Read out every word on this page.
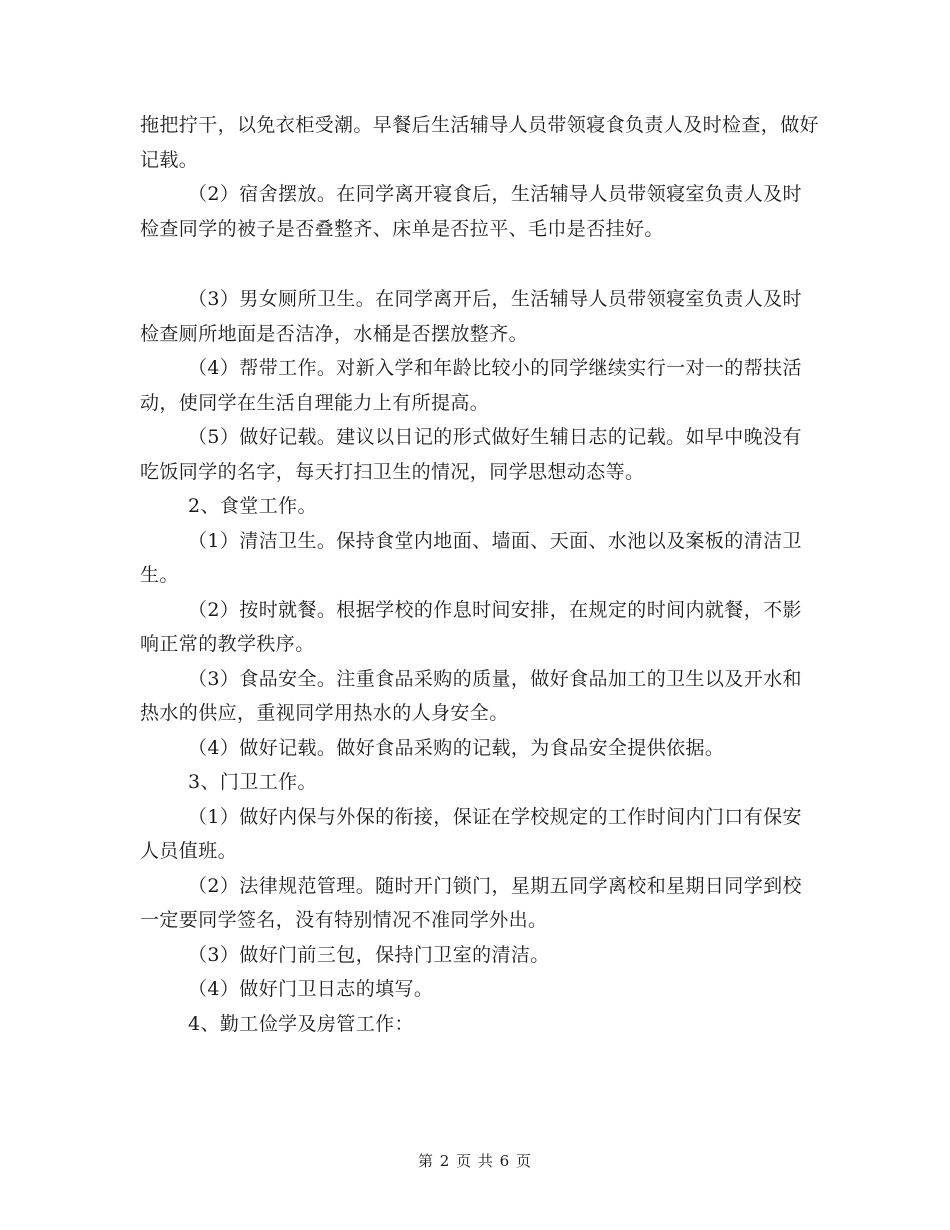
拖把拧干，以免衣柜受潮。早餐后生活辅导人员带领寝食负责人及时检查，做好记载。

（2）宿舍摆放。在同学离开寝食后，生活辅导人员带领寝室负责人及时检查同学的被子是否叠整齐、床单是否拉平、毛巾是否挂好。

（3）男女厕所卫生。在同学离开后，生活辅导人员带领寝室负责人及时检查厕所地面是否洁净，水桶是否摆放整齐。

（4）帮带工作。对新入学和年龄比较小的同学继续实行一对一的帮扶活动，使同学在生活自理能力上有所提高。

（5）做好记载。建议以日记的形式做好生辅日志的记载。如早中晚没有吃饭同学的名字，每天打扫卫生的情况，同学思想动态等。

2、食堂工作。

（1）清洁卫生。保持食堂内地面、墙面、天面、水池以及案板的清洁卫生。

（2）按时就餐。根据学校的作息时间安排，在规定的时间内就餐，不影响正常的教学秩序。

（3）食品安全。注重食品采购的质量，做好食品加工的卫生以及开水和热水的供应，重视同学用热水的人身安全。

（4）做好记载。做好食品采购的记载，为食品安全提供依据。

3、门卫工作。

（1）做好内保与外保的衔接，保证在学校规定的工作时间内门口有保安人员值班。

（2）法律规范管理。随时开门锁门，星期五同学离校和星期日同学到校一定要同学签名，没有特别情况不准同学外出。

（3）做好门前三包，保持门卫室的清洁。

（4）做好门卫日志的填写。

4、勤工俭学及房管工作：

第 2 页 共 6 页
